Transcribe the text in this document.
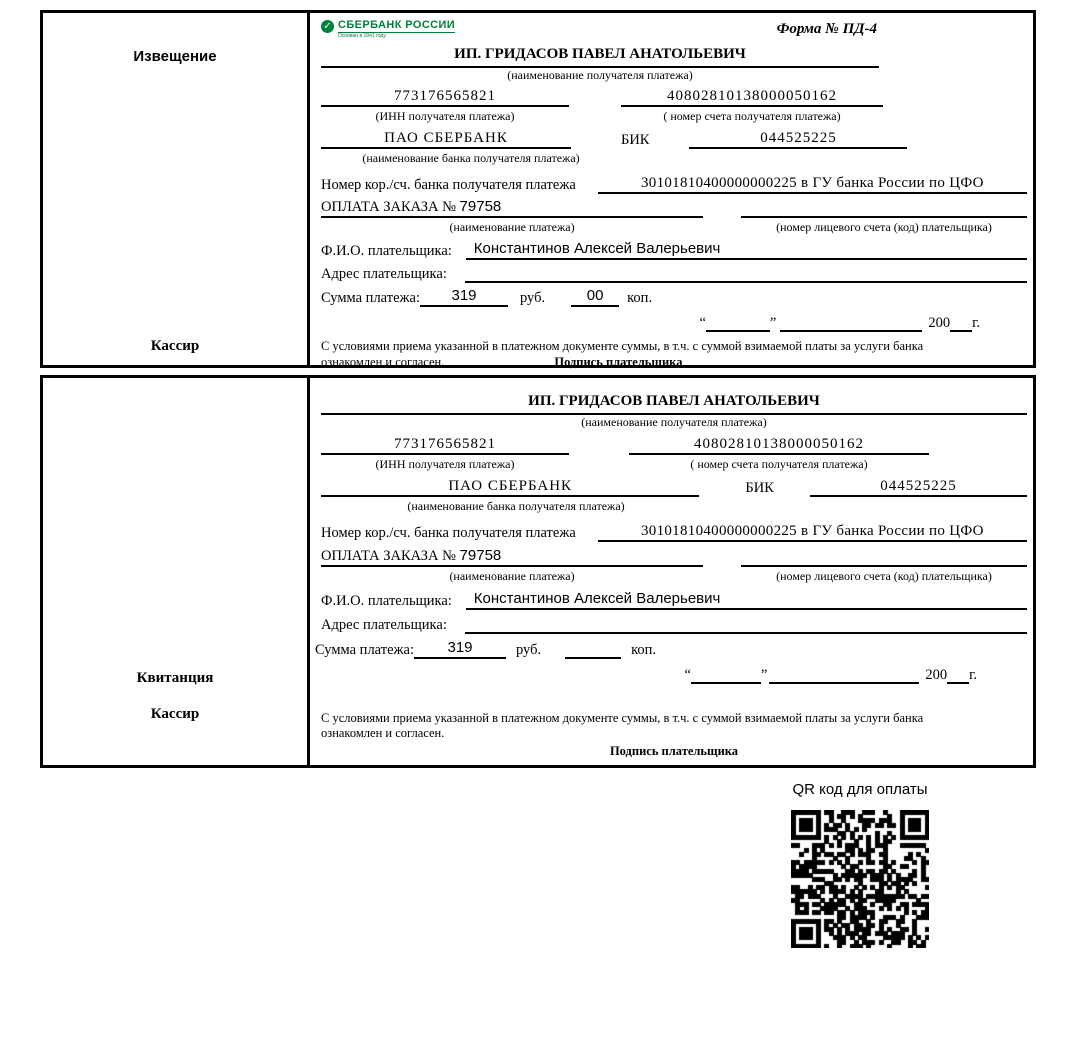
Извещение
Кассир
✓ СБЕРБАНК РОССИИ
Основан в 1841 году	Форма № ПД-4
ИП. ГРИДАСОВ ПАВЕЛ АНАТОЛЬЕВИЧ
(наименование получателя платежа)
773176565821	40802810138000050162
(ИНН получателя платежа)	( номер счета получателя платежа)
ПАО СБЕРБАНК	БИК	044525225
(наименование банка получателя платежа)
Номер кор./сч. банка получателя платежа	30101810400000000225 в ГУ банка России по ЦФО
ОПЛАТА ЗАКАЗА № 79758
(наименование платежа)	(номер лицевого счета (код) плательщика)
Ф.И.О. плательщика:	Константинов Алексей Валерьевич
Адрес плательщика:
Сумма платежа:	319	руб.	00	коп.
“	”	200 г.
С условиями приема указанной в платежном документе суммы, в т.ч. с суммой взимаемой платы за услуги банка
ознакомлен и согласен.	Подпись плательщика
Квитанция
Кассир
ИП. ГРИДАСОВ ПАВЕЛ АНАТОЛЬЕВИЧ
(наименование получателя платежа)
773176565821	40802810138000050162
(ИНН получателя платежа)	( номер счета получателя платежа)
ПАО СБЕРБАНК	БИК	044525225
(наименование банка получателя платежа)
Номер кор./сч. банка получателя платежа	30101810400000000225 в ГУ банка России по ЦФО
ОПЛАТА ЗАКАЗА № 79758
(наименование платежа)	(номер лицевого счета (код) плательщика)
Ф.И.О. плательщика:	Константинов Алексей Валерьевич
Адрес плательщика:
Сумма платежа:	319	руб.	коп.
“	”	200 г.
С условиями приема указанной в платежном документе суммы, в т.ч. с суммой взимаемой платы за услуги банка
ознакомлен и согласен.
Подпись плательщика
QR код для оплаты
